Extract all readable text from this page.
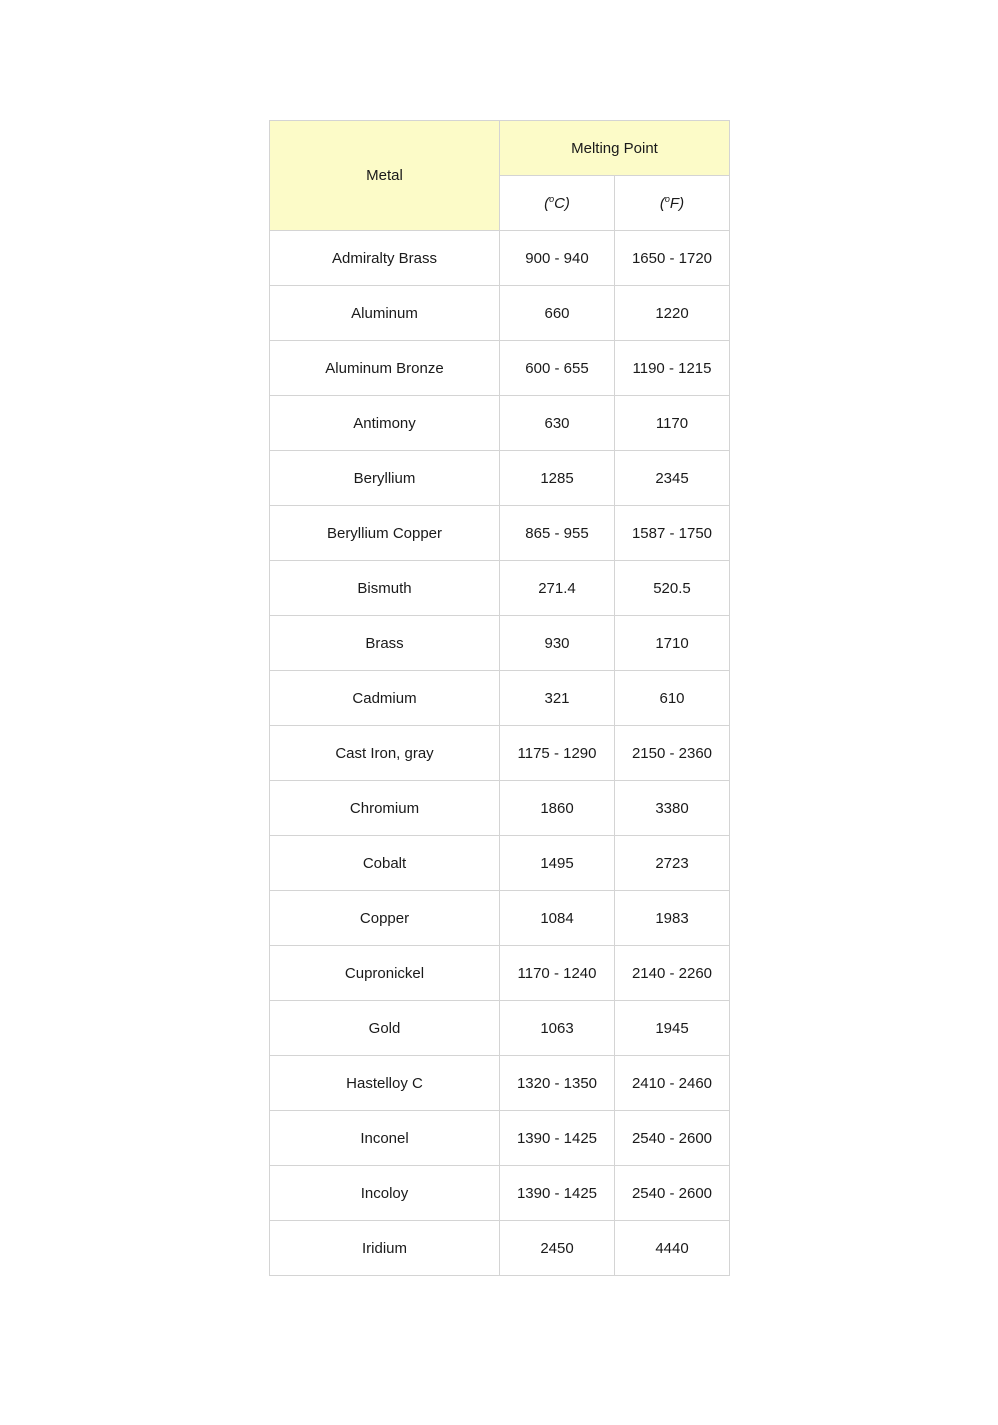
Metal	Melting Point	
	($^o$C)	($^o$F)
Admiralty Brass	900 - 940	1650 - 1720
Aluminum	660	1220
Aluminum Bronze	600 - 655	1190 - 1215
Antimony	630	1170
Beryllium	1285	2345
Beryllium Copper	865 - 955	1587 - 1750
Bismuth	271.4	520.5
Brass	930	1710
Cadmium	321	610
Cast Iron, gray	1175 - 1290	2150 - 2360
Chromium	1860	3380
Cobalt	1495	2723
Copper	1084	1983
Cupronickel	1170 - 1240	2140 - 2260
Gold	1063	1945
Hastelloy C	1320 - 1350	2410 - 2460
Inconel	1390 - 1425	2540 - 2600
Incoloy	1390 - 1425	2540 - 2600
Iridium	2450	4440
